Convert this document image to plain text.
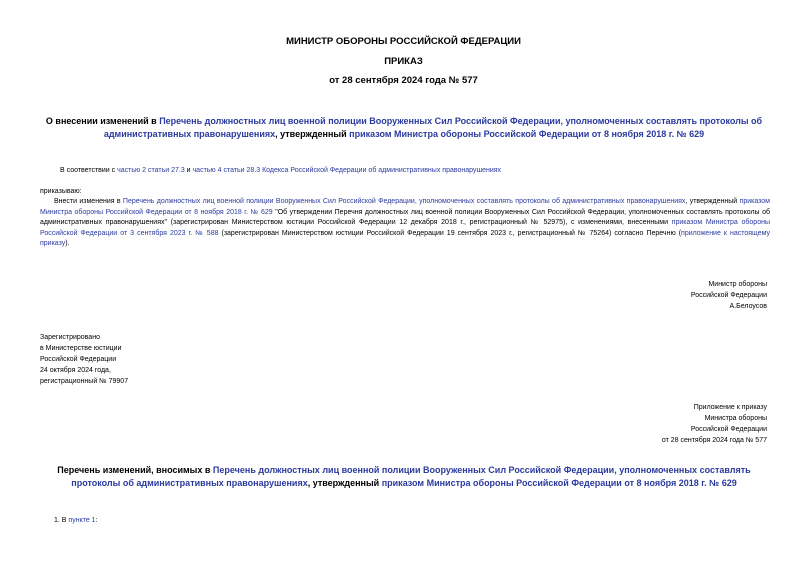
МИНИСТР ОБОРОНЫ РОССИЙСКОЙ ФЕДЕРАЦИИ
ПРИКАЗ
от 28 сентября 2024 года № 577
О внесении изменений в Перечень должностных лиц военной полиции Вооруженных Сил Российской Федерации, уполномоченных составлять протоколы об административных правонарушениях, утвержденный приказом Министра обороны Российской Федерации от 8 ноября 2018 г. № 629
В соответствии с частью 2 статьи 27.3 и частью 4 статьи 28.3 Кодекса Российской Федерации об административных правонарушениях
приказываю:
Внести изменения в Перечень должностных лиц военной полиции Вооруженных Сил Российской Федерации, уполномоченных составлять протоколы об административных правонарушениях, утвержденный приказом Министра обороны Российской Федерации от 8 ноября 2018 г. № 629 "Об утверждении Перечня должностных лиц военной полиции Вооруженных Сил Российской Федерации, уполномоченных составлять протоколы об административных правонарушениях" (зарегистрирован Министерством юстиции Российской Федерации 12 декабря 2018 г., регистрационный № 52975), с изменениями, внесенными приказом Министра обороны Российской Федерации от 3 сентября 2023 г. № 588 (зарегистрирован Министерством юстиции Российской Федерации 19 сентября 2023 г., регистрационный № 75264) согласно Перечню (приложение к настоящему приказу).
Министр обороны
Российской Федерации
А.Белоусов
Зарегистрировано
в Министерстве юстиции
Российской Федерации
24 октября 2024 года,
регистрационный № 79907
Приложение к приказу
Министра обороны
Российской Федерации
от 28 сентября 2024 года № 577
Перечень изменений, вносимых в Перечень должностных лиц военной полиции Вооруженных Сил Российской Федерации, уполномоченных составлять протоколы об административных правонарушениях, утвержденный приказом Министра обороны Российской Федерации от 8 ноября 2018 г. № 629
1. В пункте 1:
